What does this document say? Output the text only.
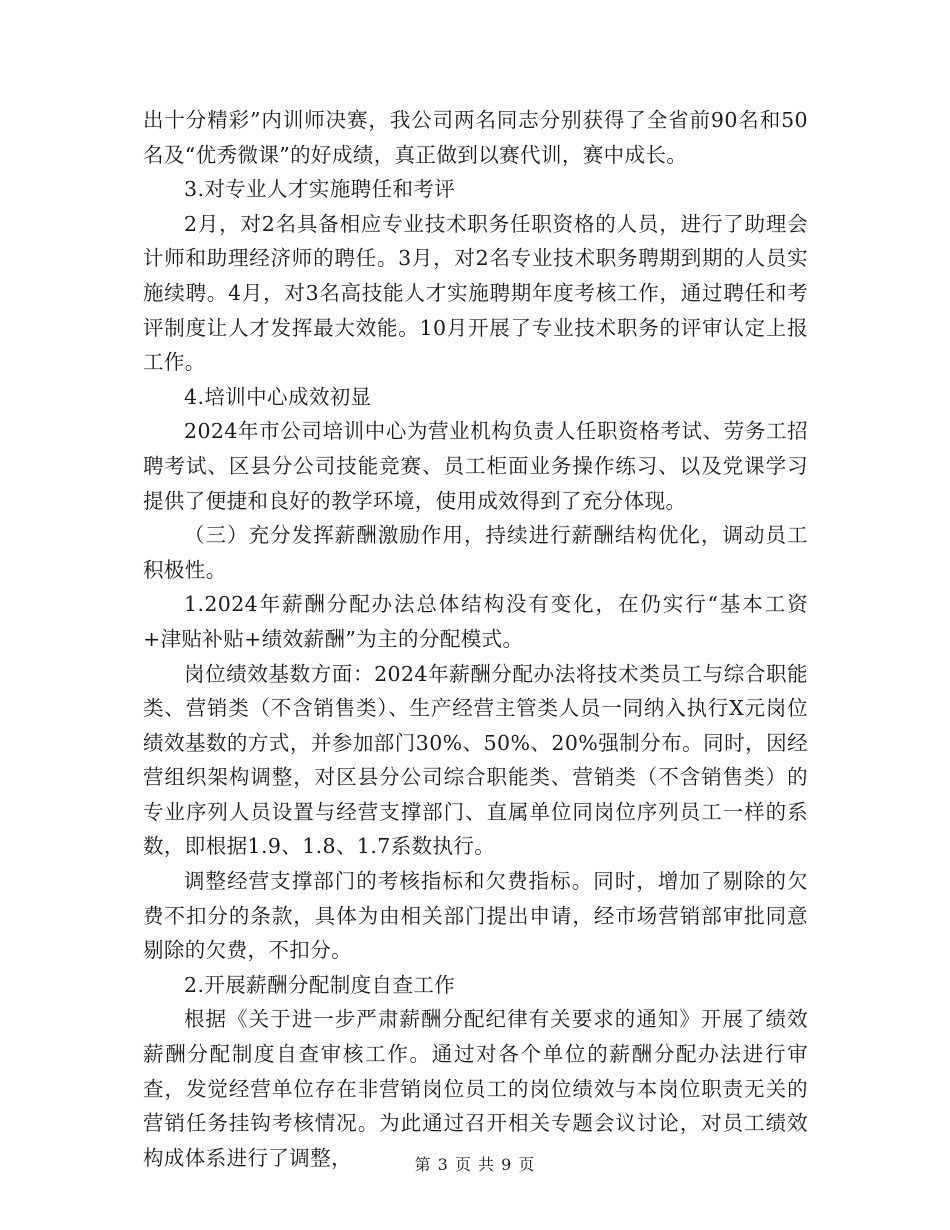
出十分精彩”内训师决赛，我公司两名同志分别获得了全省前90名和50名及“优秀微课”的好成绩，真正做到以赛代训，赛中成长。

3.对专业人才实施聘任和考评

2月，对2名具备相应专业技术职务任职资格的人员，进行了助理会计师和助理经济师的聘任。3月，对2名专业技术职务聘期到期的人员实施续聘。4月，对3名高技能人才实施聘期年度考核工作，通过聘任和考评制度让人才发挥最大效能。10月开展了专业技术职务的评审认定上报工作。

4.培训中心成效初显

2024年市公司培训中心为营业机构负责人任职资格考试、劳务工招聘考试、区县分公司技能竞赛、员工柜面业务操作练习、以及党课学习提供了便捷和良好的教学环境，使用成效得到了充分体现。

（三）充分发挥薪酬激励作用，持续进行薪酬结构优化，调动员工积极性。

1.2024年薪酬分配办法总体结构没有变化，在仍实行“基本工资+津贴补贴+绩效薪酬”为主的分配模式。

岗位绩效基数方面：2024年薪酬分配办法将技术类员工与综合职能类、营销类（不含销售类）、生产经营主管类人员一同纳入执行X元岗位绩效基数的方式，并参加部门30%、50%、20%强制分布。同时，因经营组织架构调整，对区县分公司综合职能类、营销类（不含销售类）的专业序列人员设置与经营支撑部门、直属单位同岗位序列员工一样的系数，即根据1.9、1.8、1.7系数执行。

调整经营支撑部门的考核指标和欠费指标。同时，增加了剔除的欠费不扣分的条款，具体为由相关部门提出申请，经市场营销部审批同意剔除的欠费，不扣分。

2.开展薪酬分配制度自查工作

根据《关于进一步严肃薪酬分配纪律有关要求的通知》开展了绩效薪酬分配制度自查审核工作。通过对各个单位的薪酬分配办法进行审查，发觉经营单位存在非营销岗位员工的岗位绩效与本岗位职责无关的营销任务挂钩考核情况。为此通过召开相关专题会议讨论，对员工绩效构成体系进行了调整，	第 3 页 共 9 页
